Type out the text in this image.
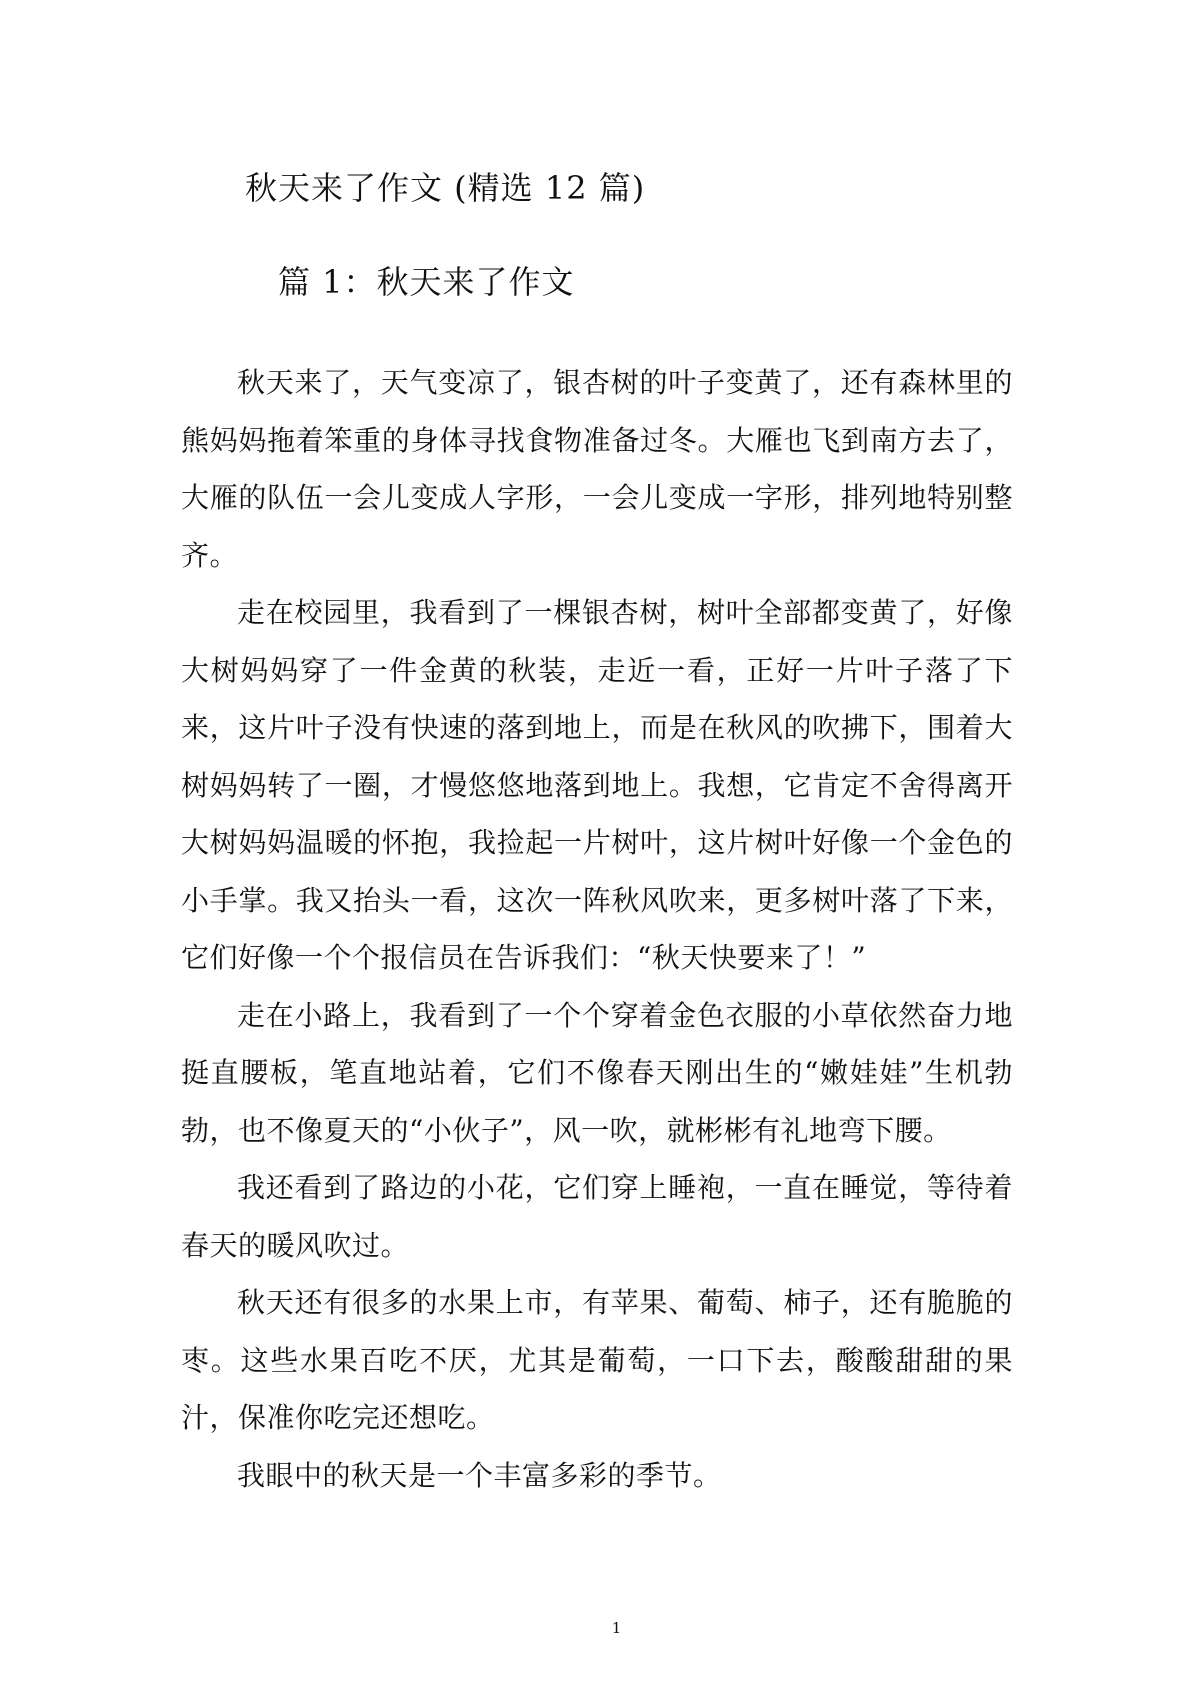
秋天来了作文 (精选 12 篇)
篇 1：秋天来了作文

秋天来了，天气变凉了，银杏树的叶子变黄了，还有森林里的熊妈妈拖着笨重的身体寻找食物准备过冬。大雁也飞到南方去了，大雁的队伍一会儿变成人字形，一会儿变成一字形，排列地特别整齐。

走在校园里，我看到了一棵银杏树，树叶全部都变黄了，好像大树妈妈穿了一件金黄的秋装，走近一看，正好一片叶子落了下来，这片叶子没有快速的落到地上，而是在秋风的吹拂下，围着大树妈妈转了一圈，才慢悠悠地落到地上。我想，它肯定不舍得离开大树妈妈温暖的怀抱，我捡起一片树叶，这片树叶好像一个金色的小手掌。我又抬头一看，这次一阵秋风吹来，更多树叶落了下来，它们好像一个个报信员在告诉我们：“秋天快要来了！”

走在小路上，我看到了一个个穿着金色衣服的小草依然奋力地挺直腰板，笔直地站着，它们不像春天刚出生的“嫩娃娃”生机勃勃，也不像夏天的“小伙子”，风一吹，就彬彬有礼地弯下腰。

我还看到了路边的小花，它们穿上睡袍，一直在睡觉，等待着春天的暖风吹过。

秋天还有很多的水果上市，有苹果、葡萄、柿子，还有脆脆的枣。这些水果百吃不厌，尤其是葡萄，一口下去，酸酸甜甜的果汁，保准你吃完还想吃。

我眼中的秋天是一个丰富多彩的季节。

1
